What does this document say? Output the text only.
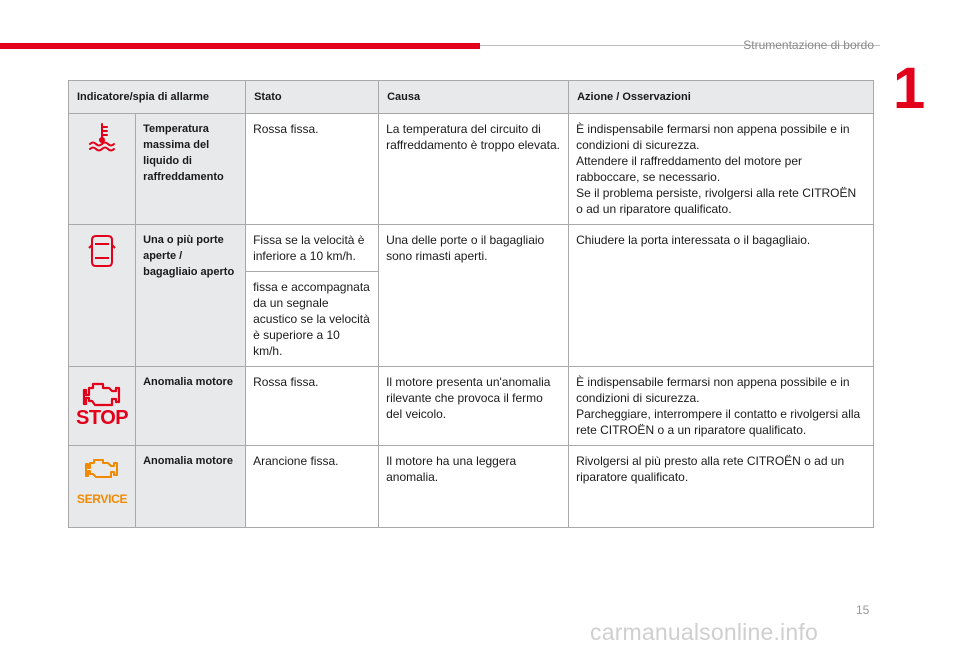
Strumentazione di bordo
1
Indicatore/spia di allarme		Stato	Causa	Azione / Osservazioni

	Temperatura massima del liquido di raffreddamento	Rossa fissa.	La temperatura del circuito di raffreddamento è troppo elevata.	È indispensabile fermarsi non appena possibile e in condizioni di sicurezza.
Attendere il raffreddamento del motore per rabboccare, se necessario.
Se il problema persiste, rivolgersi alla rete CITROËN o ad un riparatore qualificato.

	Una o più porte aperte / bagagliaio aperto	Fissa se la velocità è inferiore a 10 km/h.	Una delle porte o il bagagliaio sono rimasti aperti.	Chiudere la porta interessata o il bagagliaio.
		fissa e accompagnata da un segnale acustico se la velocità è superiore a 10 km/h.		

STOP	Anomalia motore	Rossa fissa.	Il motore presenta un'anomalia rilevante che provoca il fermo del veicolo.	È indispensabile fermarsi non appena possibile e in condizioni di sicurezza.
Parcheggiare, interrompere il contatto e rivolgersi alla rete CITROËN o a un riparatore qualificato.

SERVICE	Anomalia motore	Arancione fissa.	Il motore ha una leggera anomalia.	Rivolgersi al più presto alla rete CITROËN o ad un riparatore qualificato.
15
carmanualsonline.info
